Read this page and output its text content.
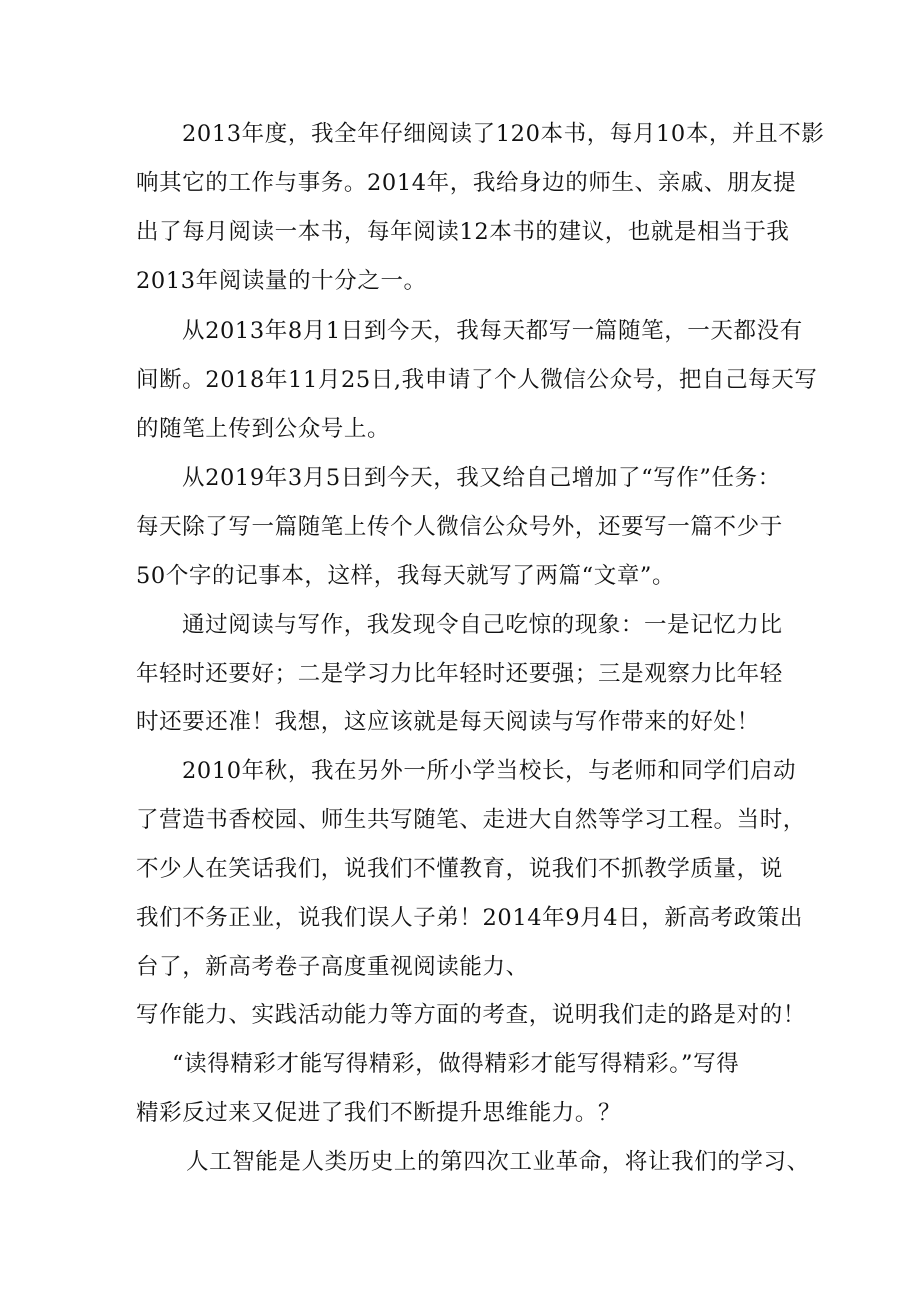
2013年度，我全年仔细阅读了120本书，每月10本，并且不影
响其它的工作与事务。2014年，我给身边的师生、亲戚、朋友提
出了每月阅读一本书，每年阅读12本书的建议，也就是相当于我
2013年阅读量的十分之一。
从2013年8月1日到今天，我每天都写一篇随笔，一天都没有
间断。2018年11月25日,我申请了个人微信公众号，把自己每天写
的随笔上传到公众号上。
从2019年3月5日到今天，我又给自己增加了“写作”任务：
每天除了写一篇随笔上传个人微信公众号外，还要写一篇不少于
50个字的记事本，这样，我每天就写了两篇“文章”。
通过阅读与写作，我发现令自己吃惊的现象：一是记忆力比
年轻时还要好；二是学习力比年轻时还要强；三是观察力比年轻
时还要还准！我想，这应该就是每天阅读与写作带来的好处！
2010年秋，我在另外一所小学当校长，与老师和同学们启动
了营造书香校园、师生共写随笔、走进大自然等学习工程。当时，
不少人在笑话我们，说我们不懂教育，说我们不抓教学质量，说
我们不务正业，说我们误人子弟！2014年9月4日，新高考政策出
台了，新高考卷子高度重视阅读能力、
写作能力、实践活动能力等方面的考查，说明我们走的路是对的！
“读得精彩才能写得精彩，做得精彩才能写得精彩。”写得
精彩反过来又促进了我们不断提升思维能力。？
人工智能是人类历史上的第四次工业革命，将让我们的学习、
